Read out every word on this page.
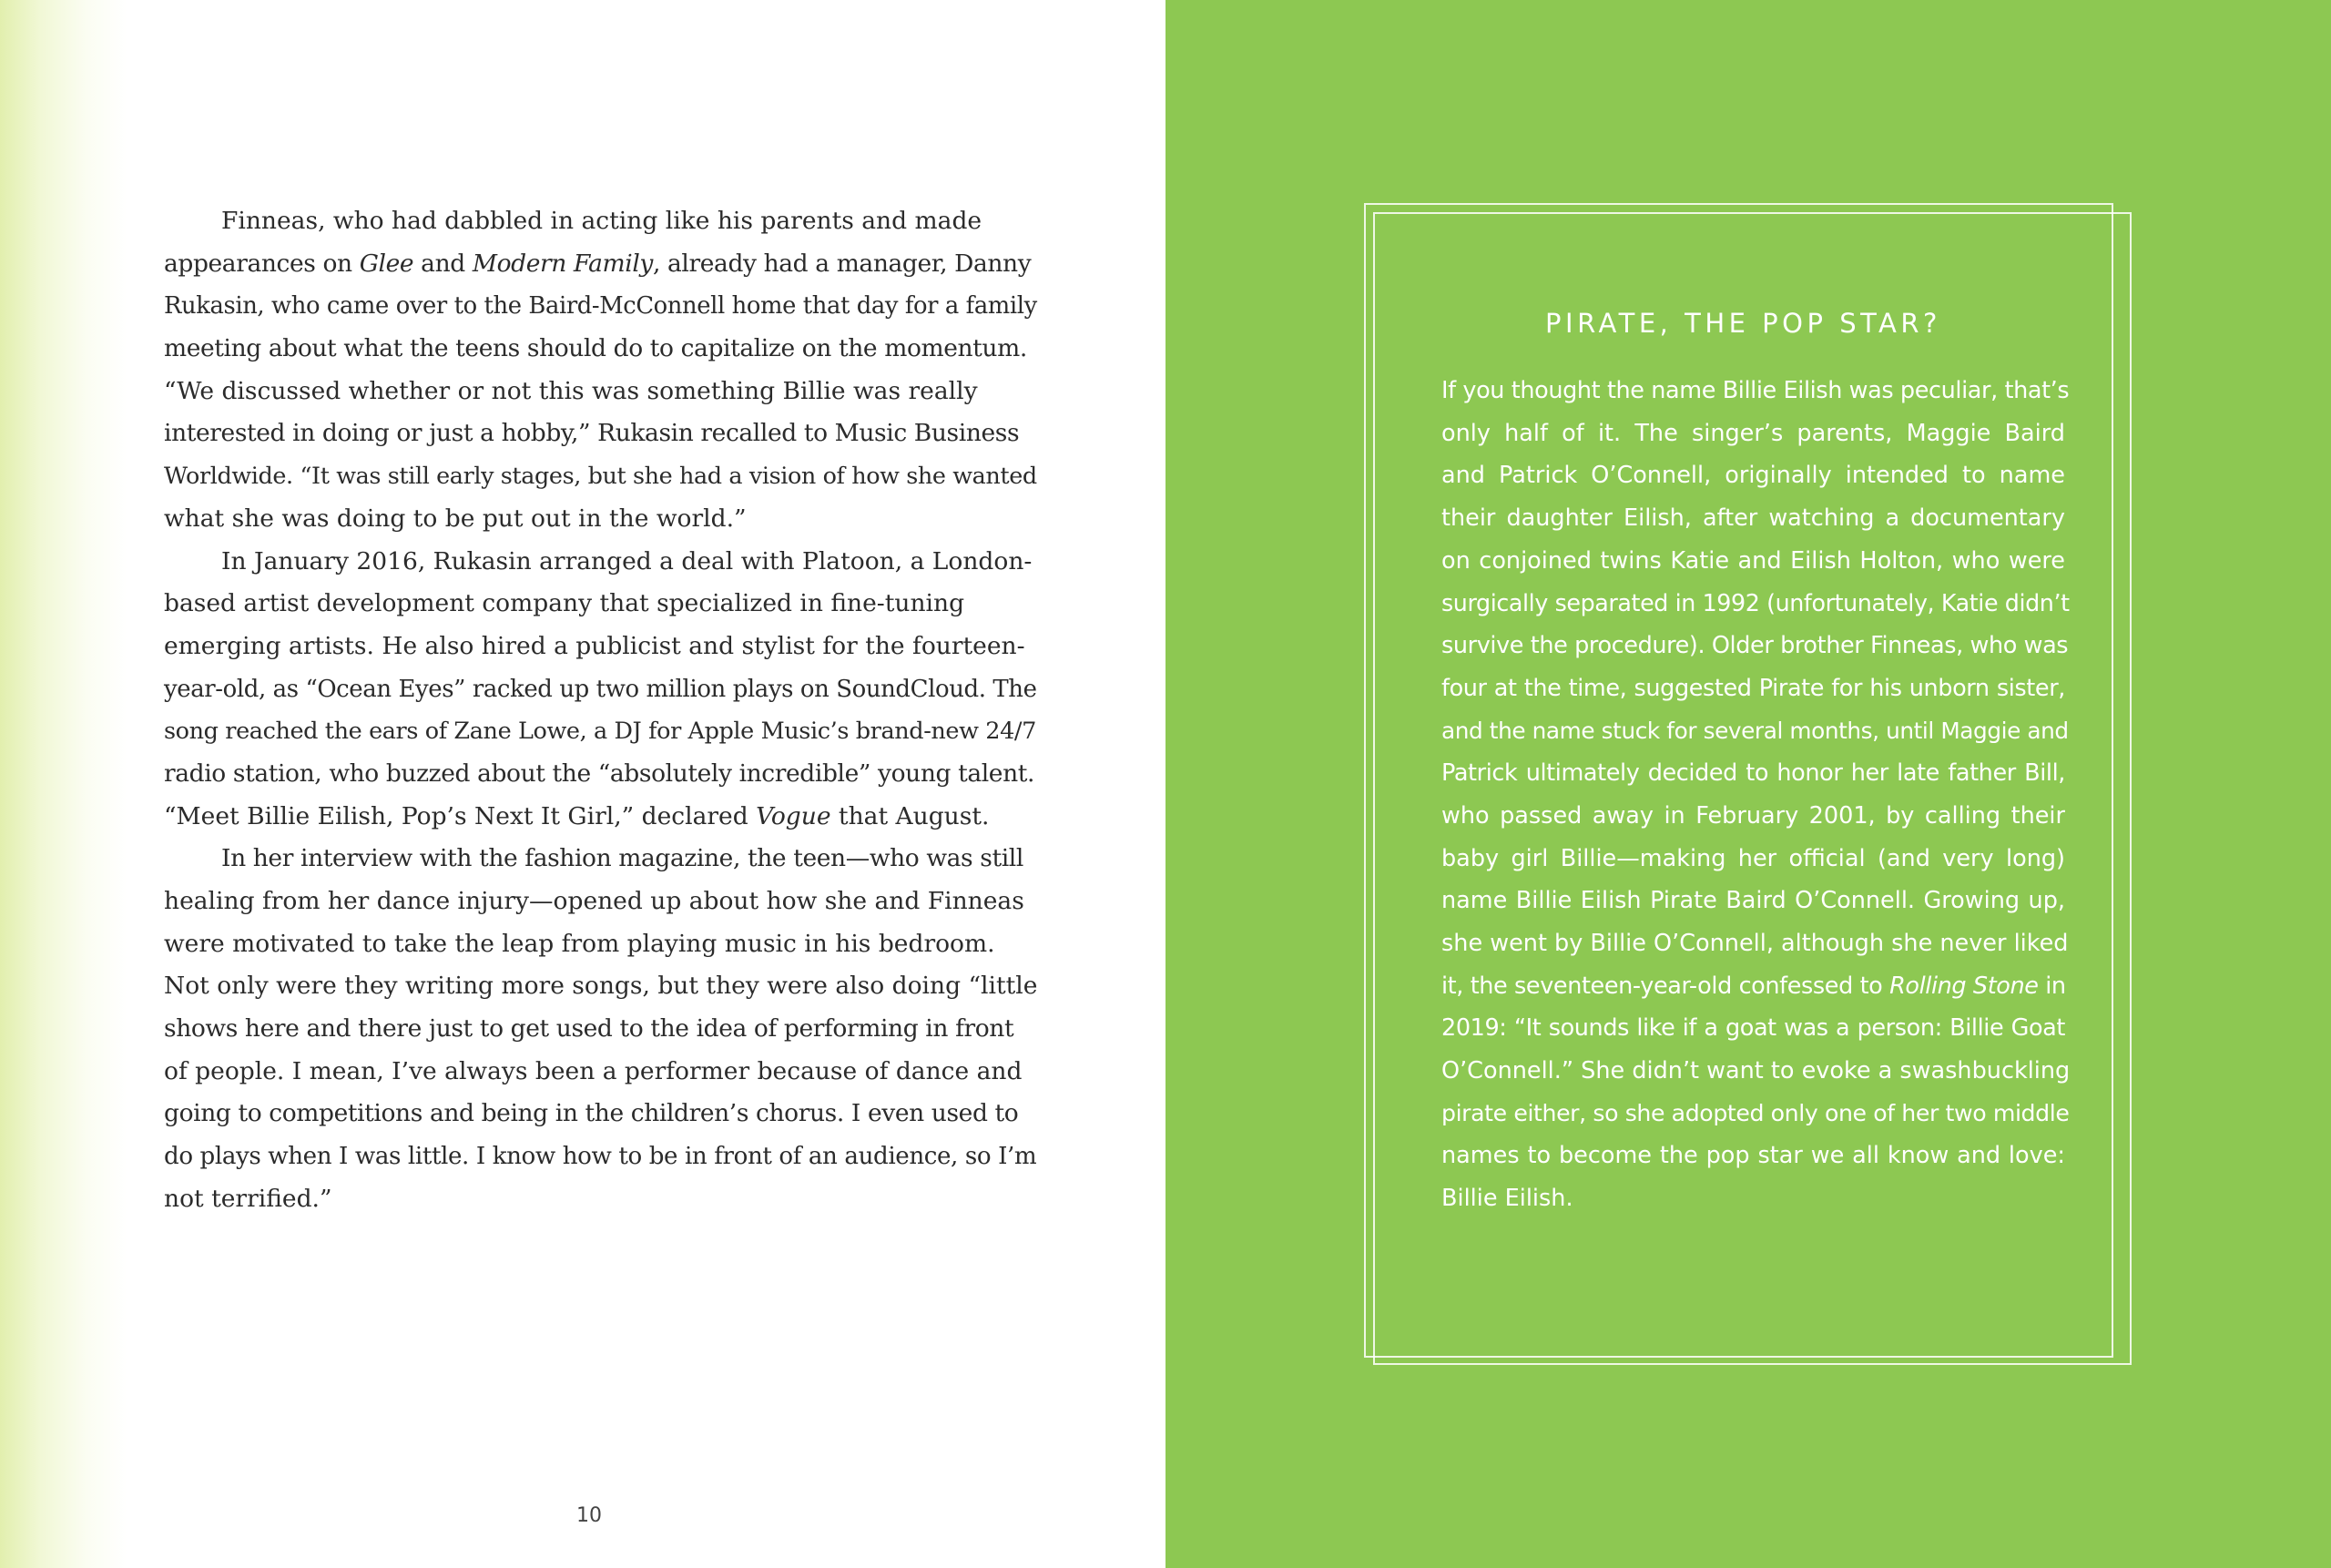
Finneas, who had dabbled in acting like his parents and made
appearances on Glee and Modern Family, already had a manager, Danny
Rukasin, who came over to the Baird-McConnell home that day for a family
meeting about what the teens should do to capitalize on the momentum.
“We discussed whether or not this was something Billie was really
interested in doing or just a hobby,” Rukasin recalled to Music Business
Worldwide. “It was still early stages, but she had a vision of how she wanted
what she was doing to be put out in the world.”
In January 2016, Rukasin arranged a deal with Platoon, a London-
based artist development company that specialized in fine-tuning
emerging artists. He also hired a publicist and stylist for the fourteen-
year-old, as “Ocean Eyes” racked up two million plays on SoundCloud. The
song reached the ears of Zane Lowe, a DJ for Apple Music’s brand-new 24/7
radio station, who buzzed about the “absolutely incredible” young talent.
“Meet Billie Eilish, Pop’s Next It Girl,” declared Vogue that August.
In her interview with the fashion magazine, the teen—who was still
healing from her dance injury—opened up about how she and Finneas
were motivated to take the leap from playing music in his bedroom.
Not only were they writing more songs, but they were also doing “little
shows here and there just to get used to the idea of performing in front
of people. I mean, I’ve always been a performer because of dance and
going to competitions and being in the children’s chorus. I even used to
do plays when I was little. I know how to be in front of an audience, so I’m
not terrified.”
10
PIRATE, THE POP STAR?
If you thought the name Billie Eilish was peculiar, that’s
only half of it. The singer’s parents, Maggie Baird
and Patrick O’Connell, originally intended to name
their daughter Eilish, after watching a documentary
on conjoined twins Katie and Eilish Holton, who were
surgically separated in 1992 (unfortunately, Katie didn’t
survive the procedure). Older brother Finneas, who was
four at the time, suggested Pirate for his unborn sister,
and the name stuck for several months, until Maggie and
Patrick ultimately decided to honor her late father Bill,
who passed away in February 2001, by calling their
baby girl Billie—making her official (and very long)
name Billie Eilish Pirate Baird O’Connell. Growing up,
she went by Billie O’Connell, although she never liked
it, the seventeen-year-old confessed to Rolling Stone in
2019: “It sounds like if a goat was a person: Billie Goat
O’Connell.” She didn’t want to evoke a swashbuckling
pirate either, so she adopted only one of her two middle
names to become the pop star we all know and love:
Billie Eilish.
